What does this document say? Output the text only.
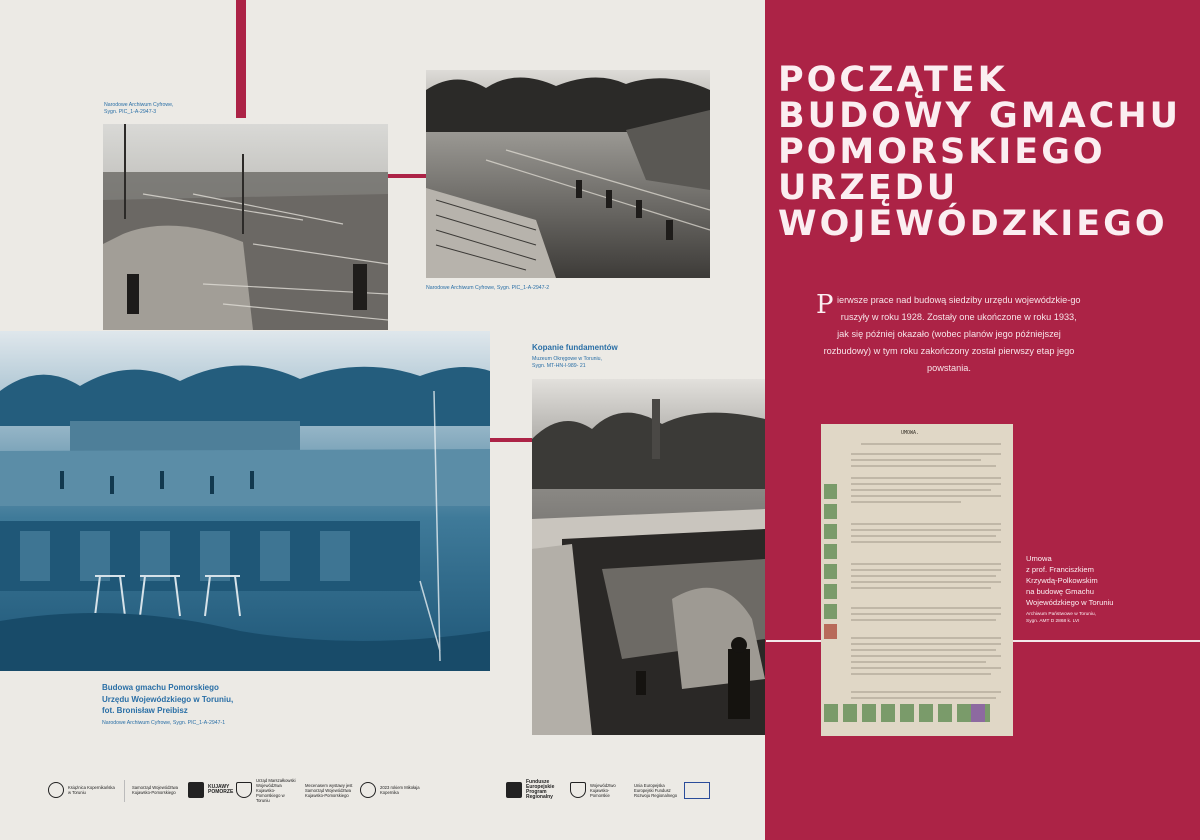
Narodowe Archiwum Cyfrowe,
Sygn. PIC_1-A-2947-3
Narodowe Archiwum Cyfrowe, Sygn. PIC_1-A-2947-2
Budowa gmachu Pomorskiego
Urzędu Wojewódzkiego w Toruniu,
fot. Bronisław Preibisz
Narodowe Archiwum Cyfrowe, Sygn. PIC_1-A-2947-1
Kopanie fundamentów
Muzeum Okręgowe w Toruniu,
Sygn. MT-HN-I-989- 21
POCZĄTEK
BUDOWY GMACHU
POMORSKIEGO
URZĘDU
WOJEWÓDZKIEGO
Pierwsze prace nad budową siedziby urzędu wojewódzkie-go ruszyły w roku 1928. Zostały one ukończone w roku 1933, jak się później okazało (wobec planów jego późniejszej rozbudowy) w tym roku zakończony został pierwszy etap jego powstania.
UMOWA.
Umowa
z prof. Franciszkiem
Krzywdą-Polkowskim
na budowę Gmachu
Wojewódzkiego w Toruniu
Archiwum Państwowe w Toruniu,
Sygn. AMT D 2868 k. LVI
Książnica Kopernikańska w Toruniu
Samorząd Województwa Kujawsko-Pomorskiego
KUJAWY POMORZE
Urząd Marszałkowski Województwa Kujawsko-Pomorskiego w Toruniu
Mecenasem wystawy jest Samorząd Województwa Kujawsko-Pomorskiego
2023 rokiem Mikołaja Kopernika
Fundusze Europejskie Program Regionalny
Województwo Kujawsko-Pomorskie
Unia Europejska Europejski Fundusz Rozwoju Regionalnego
